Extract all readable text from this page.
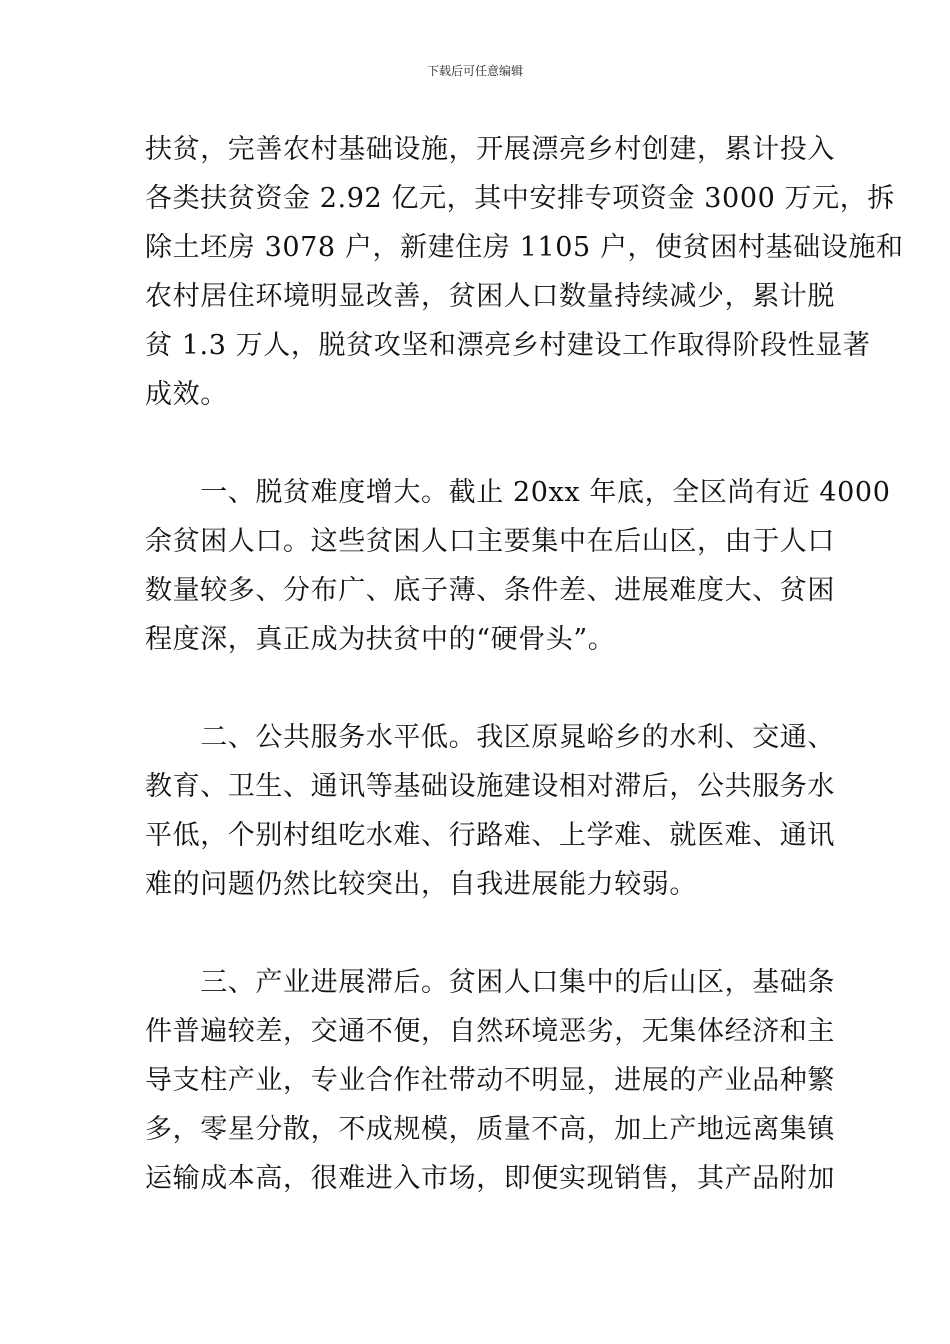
下载后可任意编辑
扶贫，完善农村基础设施，开展漂亮乡村创建，累计投入
各类扶贫资金 2.92 亿元，其中安排专项资金 3000 万元，拆
除土坯房 3078 户，新建住房 1105 户，使贫困村基础设施和
农村居住环境明显改善，贫困人口数量持续减少，累计脱
贫 1.3 万人，脱贫攻坚和漂亮乡村建设工作取得阶段性显著
成效。
　　一、脱贫难度增大。截止 20xx 年底，全区尚有近 4000
余贫困人口。这些贫困人口主要集中在后山区，由于人口
数量较多、分布广、底子薄、条件差、进展难度大、贫困
程度深，真正成为扶贫中的“硬骨头”。
　　二、公共服务水平低。我区原晁峪乡的水利、交通、
教育、卫生、通讯等基础设施建设相对滞后，公共服务水
平低，个别村组吃水难、行路难、上学难、就医难、通讯
难的问题仍然比较突出，自我进展能力较弱。
　　三、产业进展滞后。贫困人口集中的后山区，基础条
件普遍较差，交通不便，自然环境恶劣，无集体经济和主
导支柱产业，专业合作社带动不明显，进展的产业品种繁
多，零星分散，不成规模，质量不高，加上产地远离集镇
运输成本高，很难进入市场，即便实现销售，其产品附加
